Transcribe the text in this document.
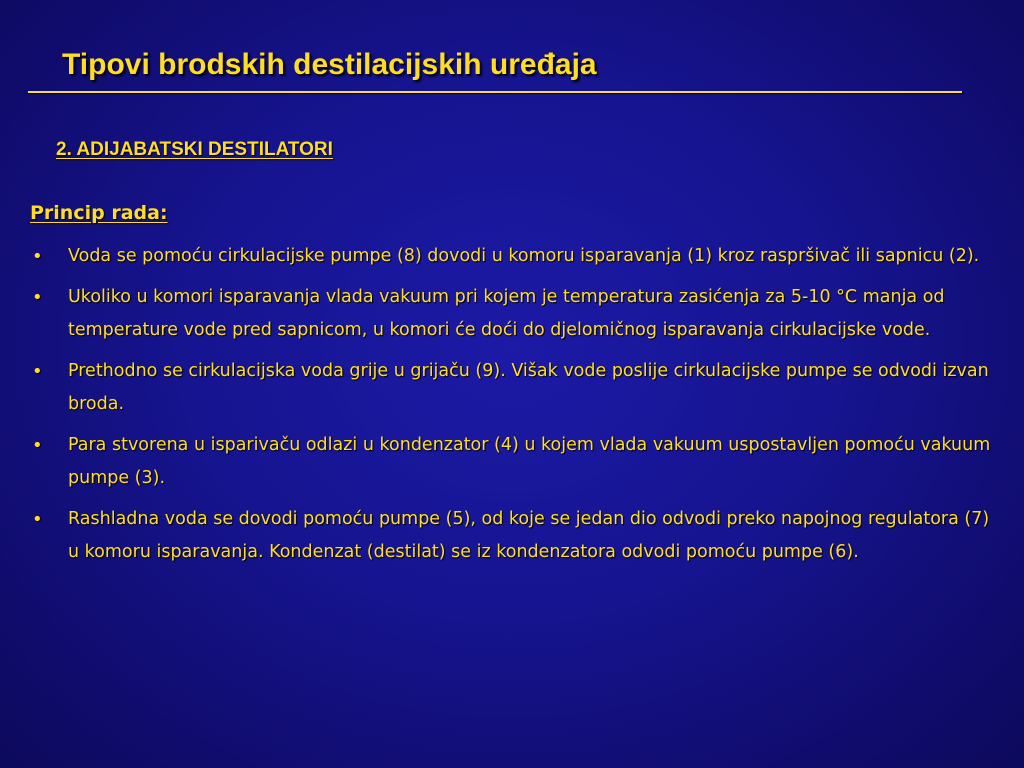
Tipovi brodskih destilacijskih uređaja
2. ADIJABATSKI DESTILATORI
Princip rada:
• Voda se pomoću cirkulacijske pumpe (8) dovodi u komoru isparavanja (1) kroz raspršivač ili sapnicu (2).
• Ukoliko u komori isparavanja vlada vakuum pri kojem je temperatura zasićenja za 5-10 °C manja od temperature vode pred sapnicom, u komori će doći do djelomičnog isparavanja cirkulacijske vode.
• Prethodno se cirkulacijska voda grije u grijaču (9). Višak vode poslije cirkulacijske pumpe se odvodi izvan broda.
• Para stvorena u isparivaču odlazi u kondenzator (4) u kojem vlada vakuum uspostavljen pomoću vakuum pumpe (3).
• Rashladna voda se dovodi pomoću pumpe (5), od koje se jedan dio odvodi preko napojnog regulatora (7) u komoru isparavanja. Kondenzat (destilat) se iz kondenzatora odvodi pomoću pumpe (6).
